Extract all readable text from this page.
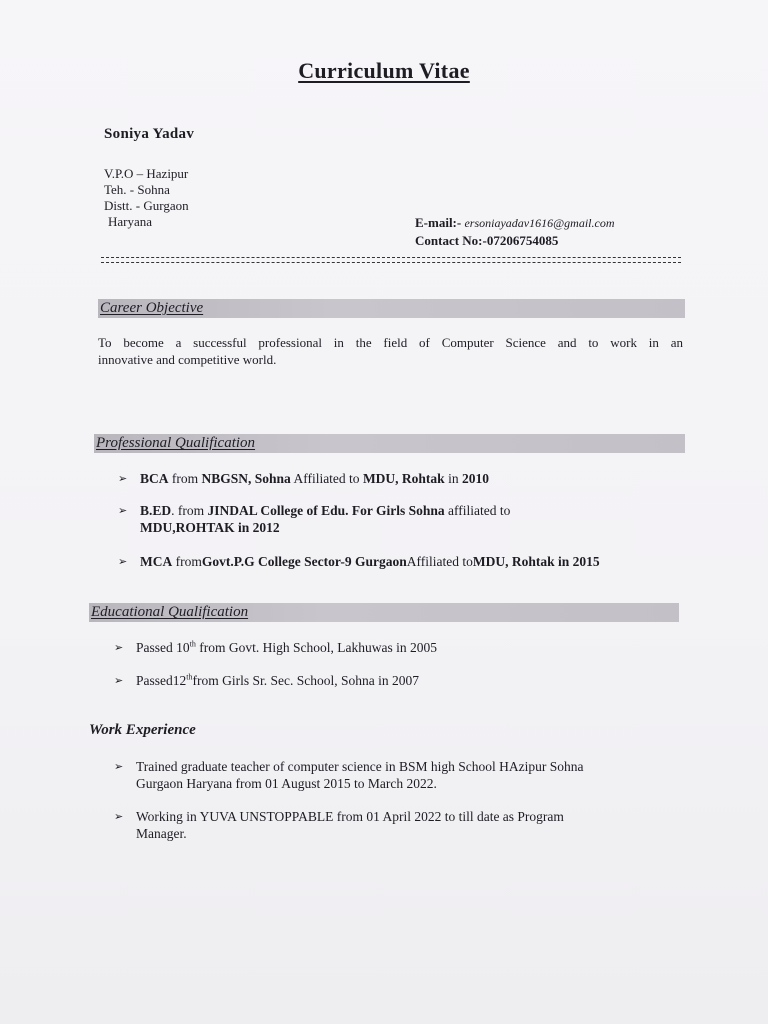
Curriculum Vitae
Soniya Yadav
V.P.O – Hazipur
Teh. - Sohna
Distt. - Gurgaon
Haryana	E-mail:- ersoniayadav1616@gmail.com
Contact No:-07206754085
Career Objective
To become a successful professional in the field of Computer Science and to work in an
innovative and competitive world.
Professional Qualification
➢ BCA from NBGSN, Sohna Affiliated to MDU, Rohtak in 2010
➢ B.ED. from JINDAL College of Edu. For Girls Sohna affiliated to
MDU,ROHTAK in 2012
➢ MCA fromGovt.P.G College Sector-9 GurgaonAffiliated toMDU, Rohtak in 2015
Educational Qualification
➢ Passed 10th from Govt. High School, Lakhuwas in 2005
➢ Passed12thfrom Girls Sr. Sec. School, Sohna in 2007
Work Experience
➢ Trained graduate teacher of computer science in BSM high School HAzipur Sohna
Gurgaon Haryana from 01 August 2015 to March 2022.
➢ Working in YUVA UNSTOPPABLE from 01 April 2022 to till date as Program
Manager.
